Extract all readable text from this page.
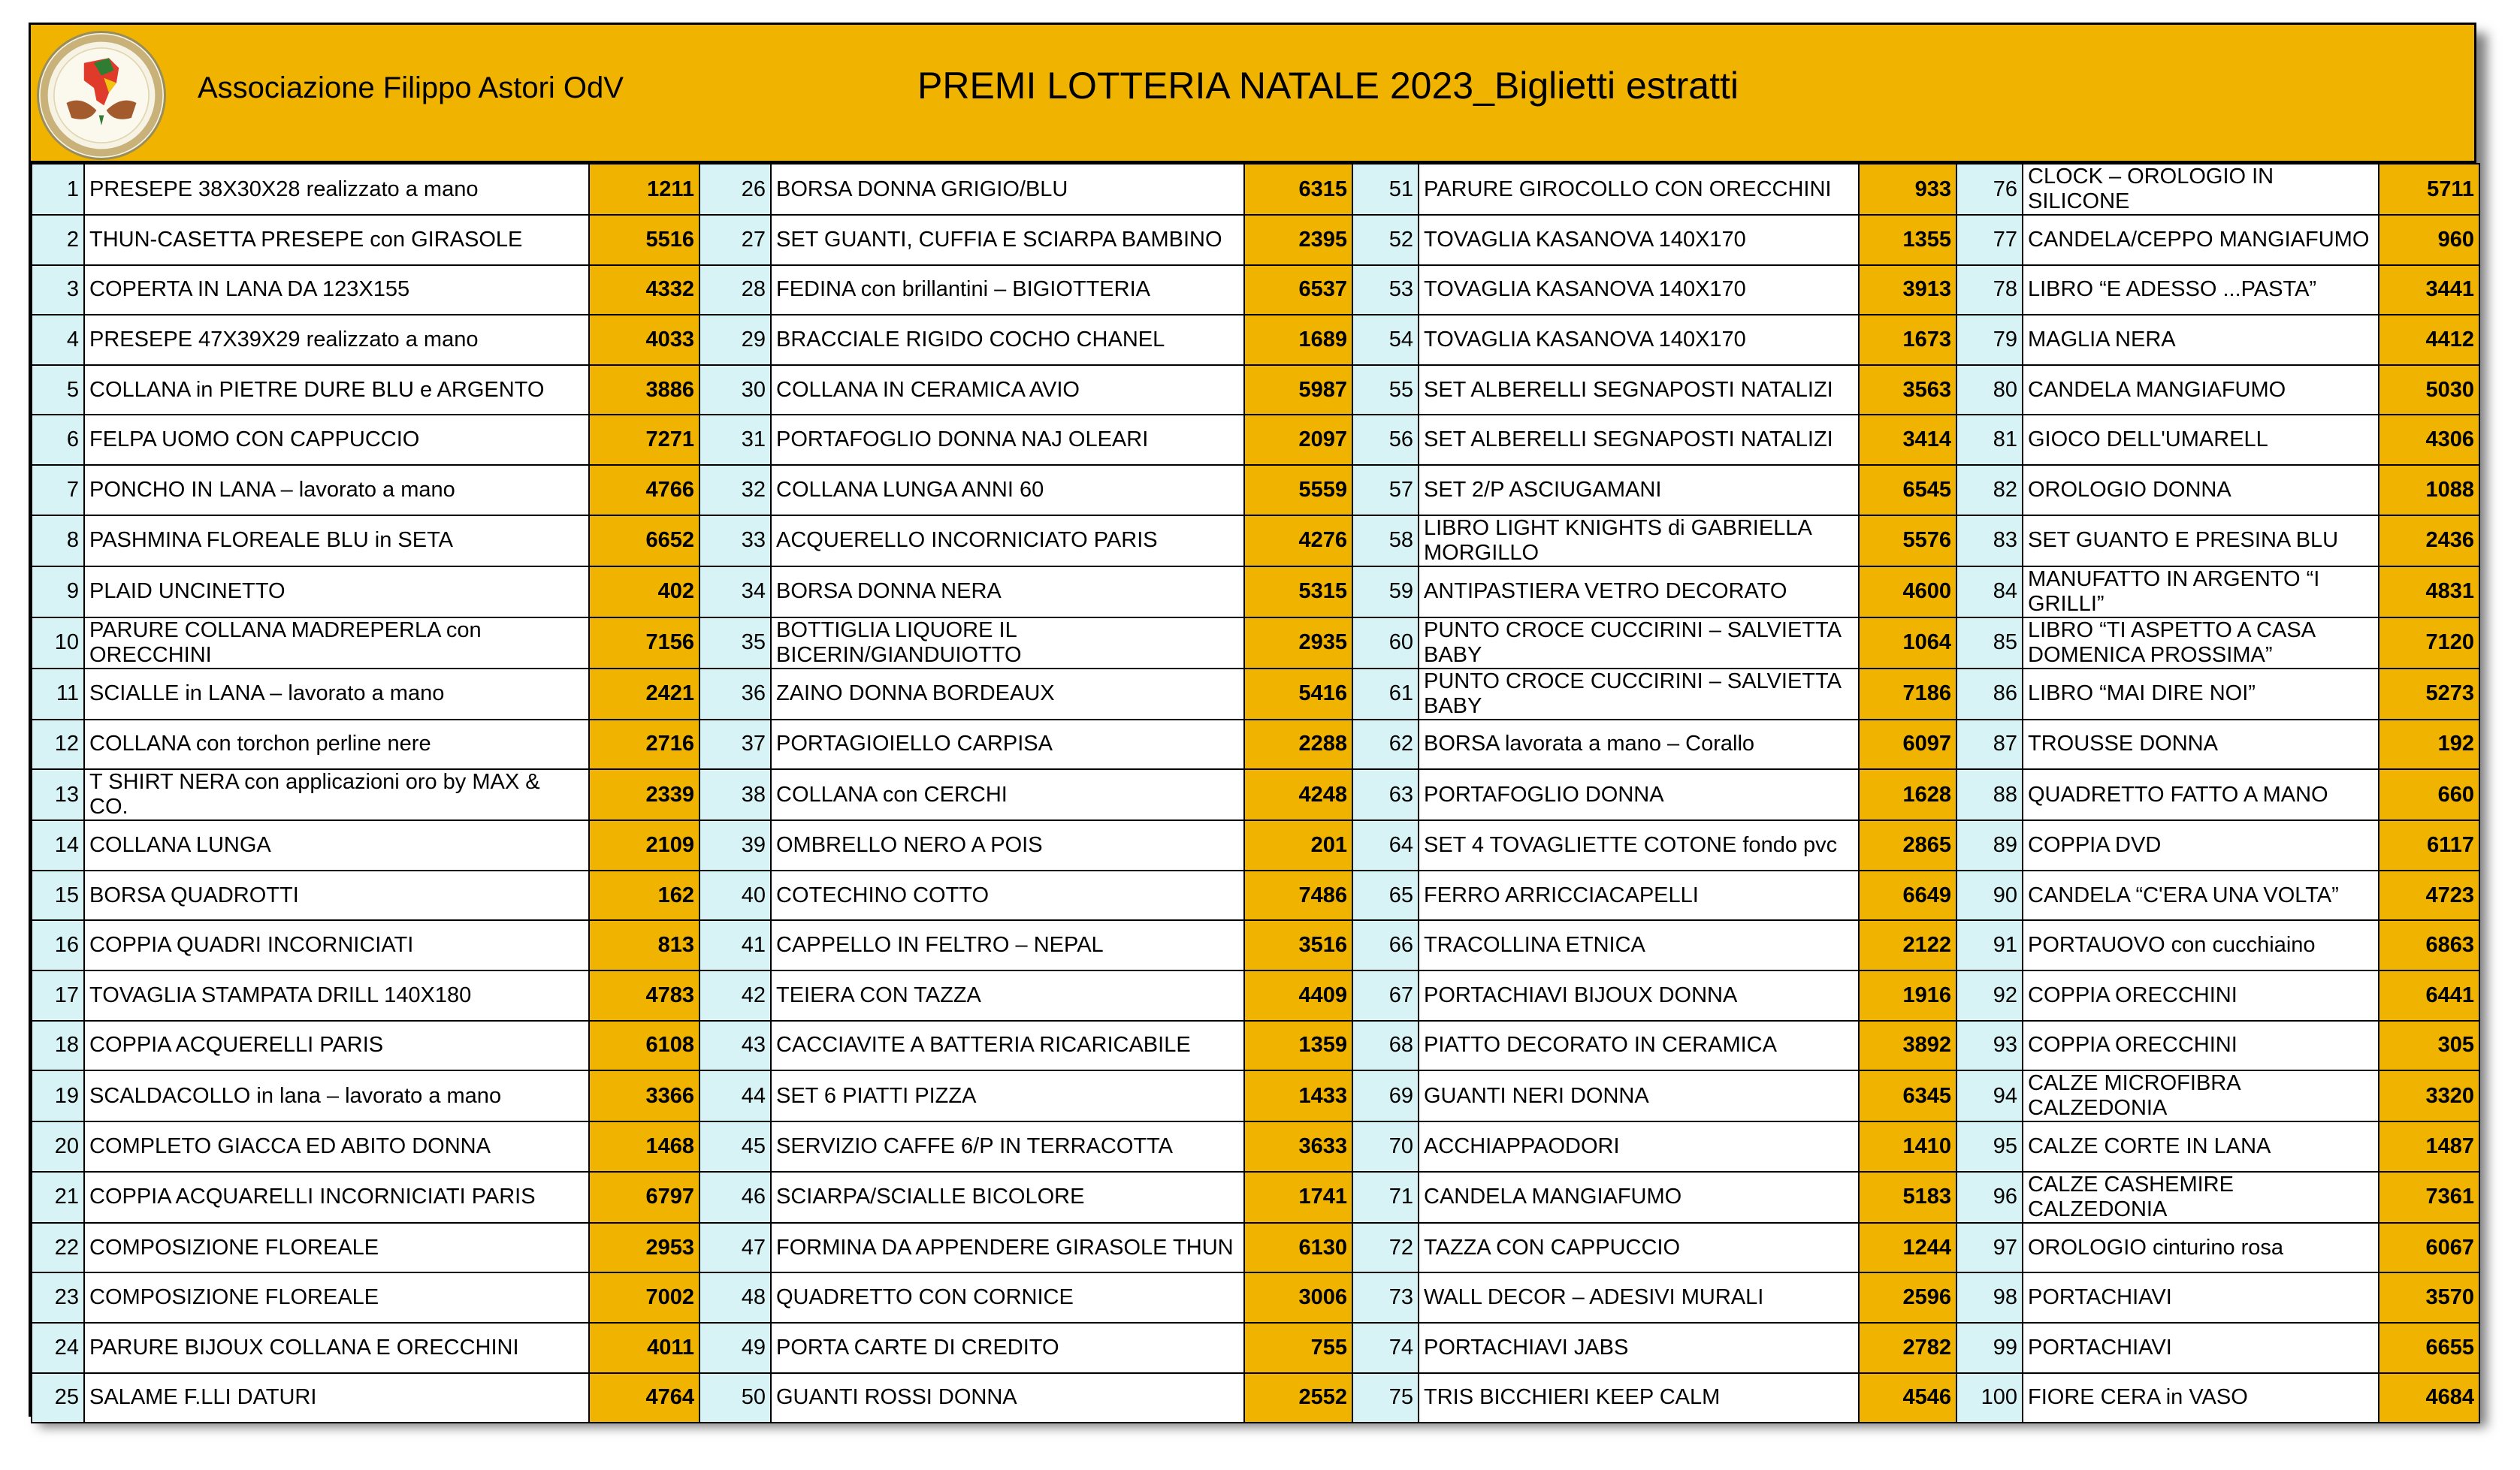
Associazione Filippo Astori OdV	PREMI LOTTERIA NATALE 2023_Biglietti estratti
1	PRESEPE 38X30X28 realizzato a mano	1211	26	BORSA DONNA GRIGIO/BLU	6315	51	PARURE GIROCOLLO CON ORECCHINI	933	76	CLOCK – OROLOGIO IN SILICONE	5711
2	THUN-CASETTA PRESEPE con GIRASOLE	5516	27	SET GUANTI, CUFFIA E SCIARPA BAMBINO	2395	52	TOVAGLIA KASANOVA 140X170	1355	77	CANDELA/CEPPO MANGIAFUMO	960
3	COPERTA IN LANA DA 123X155	4332	28	FEDINA con brillantini – BIGIOTTERIA	6537	53	TOVAGLIA KASANOVA 140X170	3913	78	LIBRO “E ADESSO ...PASTA”	3441
4	PRESEPE 47X39X29 realizzato a mano	4033	29	BRACCIALE RIGIDO COCHO CHANEL	1689	54	TOVAGLIA KASANOVA 140X170	1673	79	MAGLIA NERA	4412
5	COLLANA in PIETRE DURE BLU e ARGENTO	3886	30	COLLANA IN CERAMICA AVIO	5987	55	SET ALBERELLI SEGNAPOSTI NATALIZI	3563	80	CANDELA MANGIAFUMO	5030
6	FELPA UOMO CON CAPPUCCIO	7271	31	PORTAFOGLIO DONNA NAJ OLEARI	2097	56	SET ALBERELLI SEGNAPOSTI NATALIZI	3414	81	GIOCO DELL'UMARELL	4306
7	PONCHO IN LANA – lavorato a mano	4766	32	COLLANA LUNGA ANNI 60	5559	57	SET 2/P ASCIUGAMANI	6545	82	OROLOGIO DONNA	1088
8	PASHMINA FLOREALE BLU in SETA	6652	33	ACQUERELLO INCORNICIATO PARIS	4276	58	LIBRO LIGHT KNIGHTS di GABRIELLA MORGILLO	5576	83	SET GUANTO E PRESINA BLU	2436
9	PLAID UNCINETTO	402	34	BORSA DONNA NERA	5315	59	ANTIPASTIERA VETRO DECORATO	4600	84	MANUFATTO IN ARGENTO “I GRILLI”	4831
10	PARURE COLLANA MADREPERLA con ORECCHINI	7156	35	BOTTIGLIA LIQUORE IL BICERIN/GIANDUIOTTO	2935	60	PUNTO CROCE CUCCIRINI – SALVIETTA BABY	1064	85	LIBRO “TI ASPETTO A CASA DOMENICA PROSSIMA”	7120
11	SCIALLE in LANA – lavorato a mano	2421	36	ZAINO DONNA BORDEAUX	5416	61	PUNTO CROCE CUCCIRINI – SALVIETTA BABY	7186	86	LIBRO “MAI DIRE NOI”	5273
12	COLLANA con torchon perline nere	2716	37	PORTAGIOIELLO CARPISA	2288	62	BORSA lavorata a mano – Corallo	6097	87	TROUSSE DONNA	192
13	T SHIRT NERA con applicazioni oro by MAX & CO.	2339	38	COLLANA con CERCHI	4248	63	PORTAFOGLIO DONNA	1628	88	QUADRETTO FATTO A MANO	660
14	COLLANA LUNGA	2109	39	OMBRELLO NERO A POIS	201	64	SET 4 TOVAGLIETTE COTONE fondo pvc	2865	89	COPPIA DVD	6117
15	BORSA QUADROTTI	162	40	COTECHINO COTTO	7486	65	FERRO ARRICCIACAPELLI	6649	90	CANDELA “C'ERA UNA VOLTA”	4723
16	COPPIA QUADRI INCORNICIATI	813	41	CAPPELLO IN FELTRO – NEPAL	3516	66	TRACOLLINA ETNICA	2122	91	PORTAUOVO con cucchiaino	6863
17	TOVAGLIA STAMPATA DRILL 140X180	4783	42	TEIERA CON TAZZA	4409	67	PORTACHIAVI BIJOUX DONNA	1916	92	COPPIA ORECCHINI	6441
18	COPPIA ACQUERELLI PARIS	6108	43	CACCIAVITE A BATTERIA RICARICABILE	1359	68	PIATTO DECORATO IN CERAMICA	3892	93	COPPIA ORECCHINI	305
19	SCALDACOLLO in lana – lavorato a mano	3366	44	SET 6 PIATTI PIZZA	1433	69	GUANTI NERI DONNA	6345	94	CALZE MICROFIBRA CALZEDONIA	3320
20	COMPLETO GIACCA ED ABITO DONNA	1468	45	SERVIZIO CAFFE 6/P IN TERRACOTTA	3633	70	ACCHIAPPAODORI	1410	95	CALZE CORTE IN LANA	1487
21	COPPIA ACQUARELLI INCORNICIATI PARIS	6797	46	SCIARPA/SCIALLE BICOLORE	1741	71	CANDELA MANGIAFUMO	5183	96	CALZE CASHEMIRE CALZEDONIA	7361
22	COMPOSIZIONE FLOREALE	2953	47	FORMINA DA APPENDERE GIRASOLE THUN	6130	72	TAZZA CON CAPPUCCIO	1244	97	OROLOGIO cinturino rosa	6067
23	COMPOSIZIONE FLOREALE	7002	48	QUADRETTO CON CORNICE	3006	73	WALL DECOR – ADESIVI MURALI	2596	98	PORTACHIAVI	3570
24	PARURE BIJOUX COLLANA E ORECCHINI	4011	49	PORTA CARTE DI CREDITO	755	74	PORTACHIAVI JABS	2782	99	PORTACHIAVI	6655
25	SALAME F.LLI DATURI	4764	50	GUANTI ROSSI DONNA	2552	75	TRIS BICCHIERI KEEP CALM	4546	100	FIORE CERA in VASO	4684
